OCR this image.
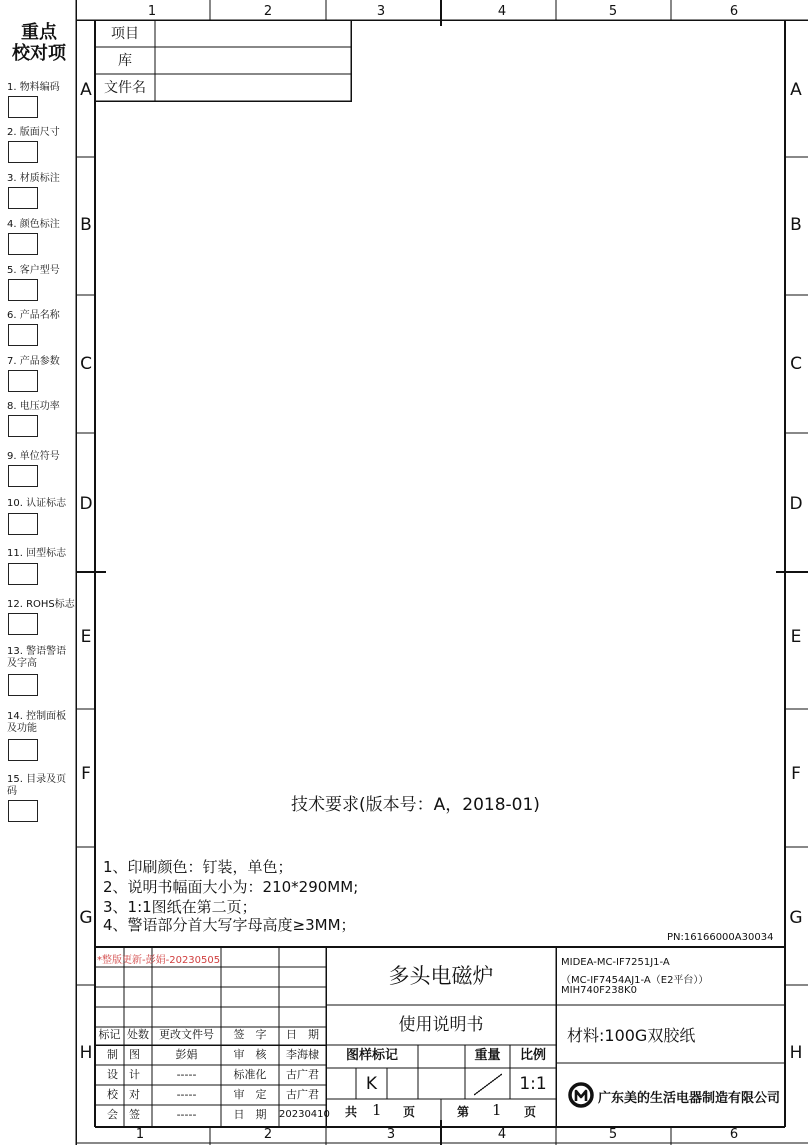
重点
校对项
1. 物料编码
2. 版面尺寸
3. 材质标注
4. 颜色标注
5. 客户型号
6. 产品名称
7. 产品参数
8. 电压功率
9. 单位符号
10. 认证标志
11. 回型标志
12. ROHS标志
13. 警语警语及字高
14. 控制面板及功能
15. 目录及页码
1	2	3	4	5	6
1	2	3	4	5	6
A
B
C
D
E
F
G
H
A
B
C
D
E
F
G
H
项目
库
文件名
技术要求(版本号：A，2018-01)
1、印刷颜色：钉装，单色；
2、说明书幅面大小为：210*290MM;
3、1:1图纸在第二页；
4、警语部分首大写字母高度≥3MM；
PN:16166000A30034
*整版更新-彭娟-20230505
多头电磁炉
使用说明书
MIDEA-MC-IF7251J1-A
（MC-IF7454AJ1-A（E2平台））
MIH740F238K0
材料:100G双胶纸
标记 处数 更改文件号	签　字	日　期
制　图	彭娟	审　核	李海棣
设　计	-----	标准化	古广君
校　对	-----	审　定	古广君
会　签	-----	日　期	20230410
图样标记	重量	比例
K	1:1
共 1 页	第 1 页
广东美的生活电器制造有限公司
